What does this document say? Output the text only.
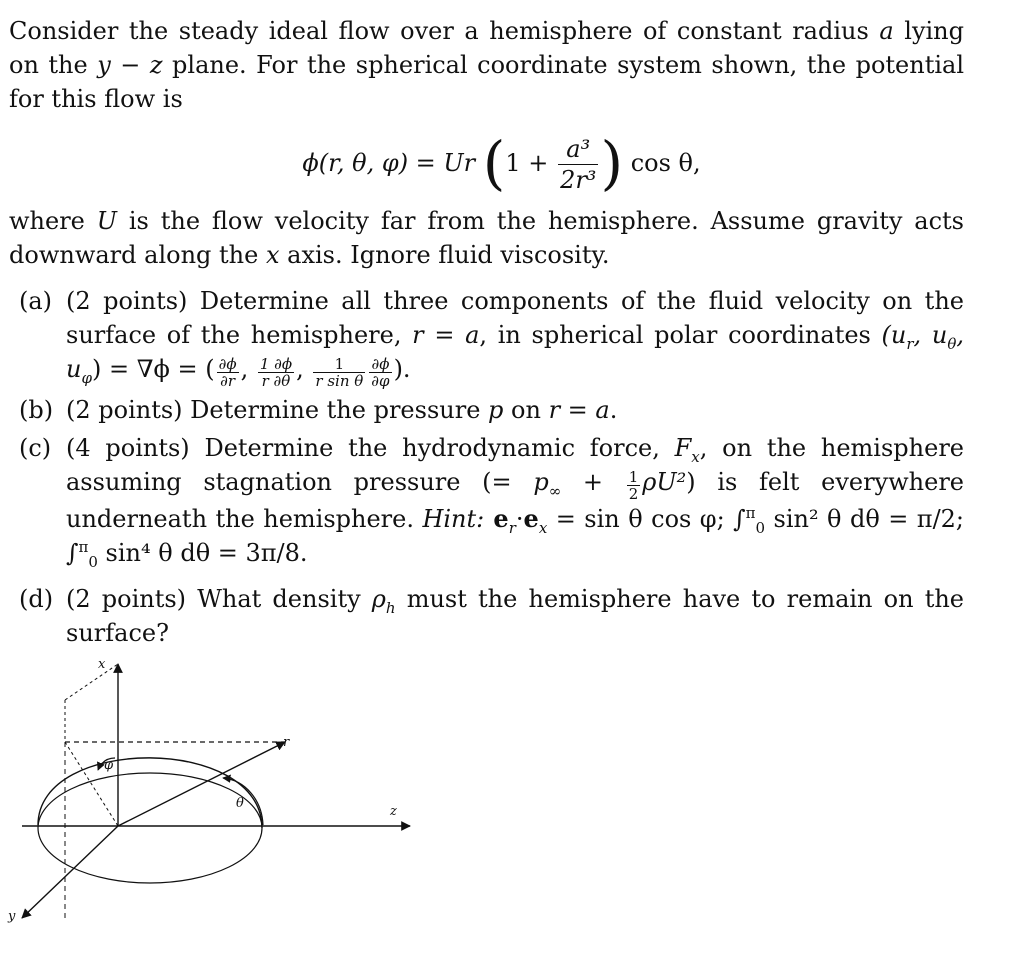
Consider the steady ideal flow over a hemisphere of constant radius a lying on the y − z plane. For the spherical coordinate system shown, the potential for this flow is

ϕ(r, θ, φ) = Ur ($1 + \frac{\text{a³}}{\text{2r³}}$ ) cos θ,

where U is the flow velocity far from the hemisphere. Assume gravity acts downward along the x axis. Ignore fluid viscosity.

(a) (2 points) Determine all three components of the fluid velocity on the surface of the hemisphere, r = a, in spherical polar coordinates ($u_r$, $u_\theta$, $u_\varphi) = \nabla\phi$ = ( $\frac{\partial\phi}{\partial r}$ , $\frac{1 \partial\phi}{r \partial\theta}$ , $\frac{1}{\text{r sin θ}} \frac{\partial\phi}{\partial\varphi}$ ).

(b) (2 points) Determine the pressure p on r = a.

(c) (4 points) Determine the hydrodynamic force, $F_x$, on the hemisphere assuming stagnation pressure (= $p_\infty + \frac{1}{2} \rho U^2$) is felt everywhere underneath the hemisphere. Hint: $e_r\cdot e_x = \sin \theta$ cos φ; ∫$^\pi_0$ sin² θ dθ = π/2; ∫$^\pi_0$ sin⁴ θ dθ = 3π/8.

(d) (2 points) What density $\rho_h$ must the hemisphere have to remain on the surface?

x
y
z
r
θ
φ
